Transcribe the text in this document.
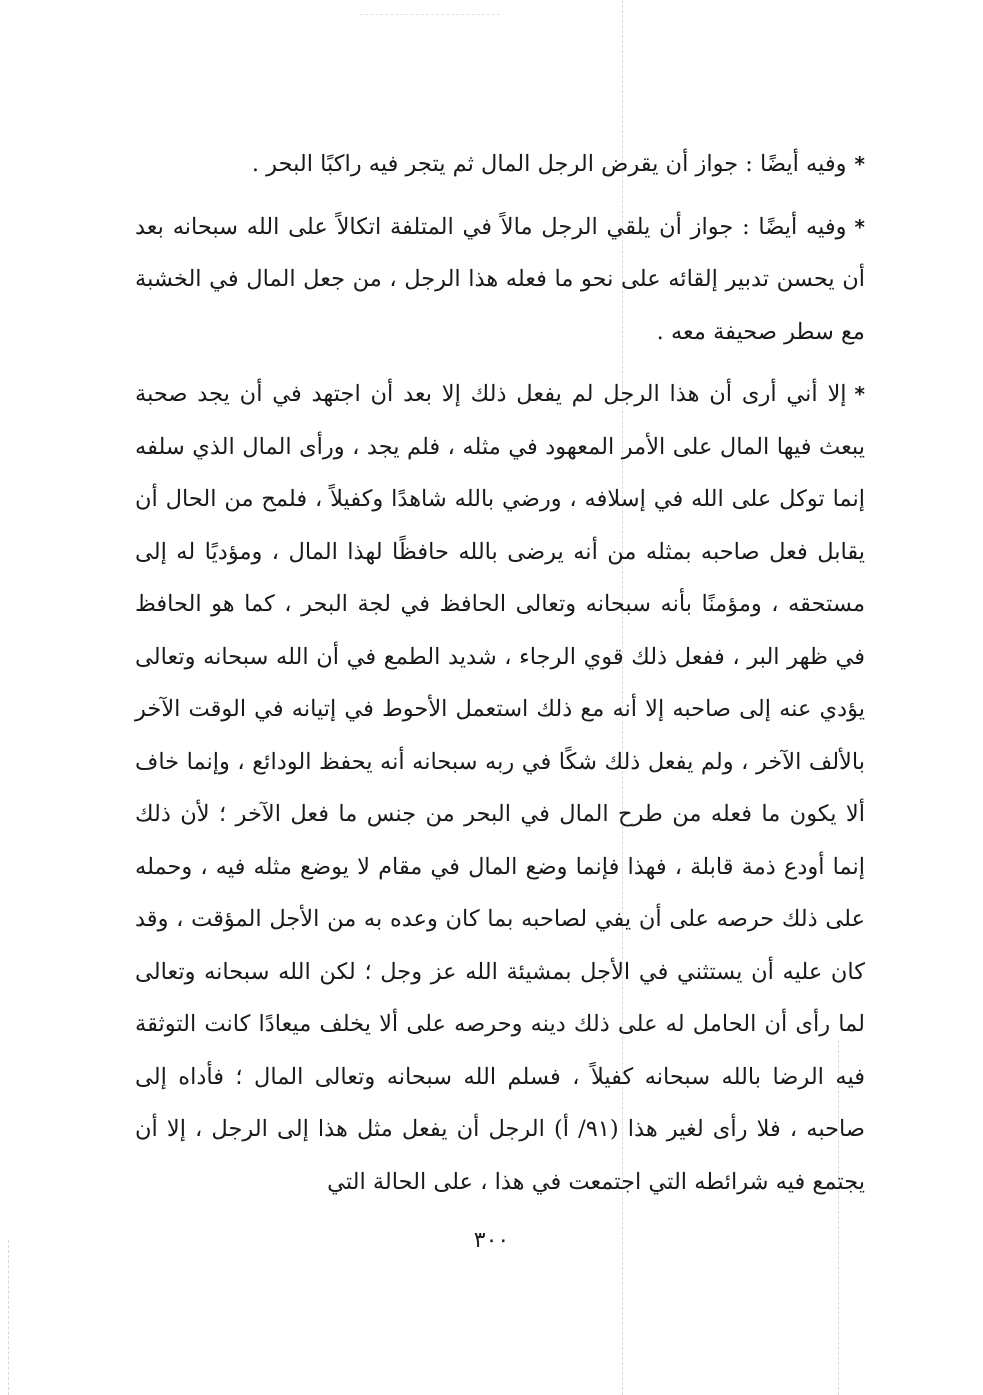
*وفيه أيضًا : جواز أن يقرض الرجل المال ثم يتجر فيه راكبًا البحر .

*وفيه أيضًا : جواز أن يلقي الرجل مالاً في المتلفة اتكالاً على الله سبحانه بعد أن يحسن تدبير إلقائه على نحو ما فعله هذا الرجل ، من جعل المال في الخشبة مع سطر صحيفة معه .

*إلا أني أرى أن هذا الرجل لم يفعل ذلك إلا بعد أن اجتهد في أن يجد صحبة يبعث فيها المال على الأمر المعهود في مثله ، فلم يجد ، ورأى المال الذي سلفه إنما توكل على الله في إسلافه ، ورضي بالله شاهدًا وكفيلاً ، فلمح من الحال أن يقابل فعل صاحبه بمثله من أنه يرضى بالله حافظًا لهذا المال ، ومؤديًا له إلى مستحقه ، ومؤمنًا بأنه سبحانه وتعالى الحافظ في لجة البحر ، كما هو الحافظ في ظهر البر ، ففعل ذلك قوي الرجاء ، شديد الطمع في أن الله سبحانه وتعالى يؤدي عنه إلى صاحبه إلا أنه مع ذلك استعمل الأحوط في إتيانه في الوقت الآخر بالألف الآخر ، ولم يفعل ذلك شكًا في ربه سبحانه أنه يحفظ الودائع ، وإنما خاف ألا يكون ما فعله من طرح المال في البحر من جنس ما فعل الآخر ؛ لأن ذلك إنما أودع ذمة قابلة ، فهذا فإنما وضع المال في مقام لا يوضع مثله فيه ، وحمله على ذلك حرصه على أن يفي لصاحبه بما كان وعده به من الأجل المؤقت ، وقد كان عليه أن يستثني في الأجل بمشيئة الله عز وجل ؛ لكن الله سبحانه وتعالى لما رأى أن الحامل له على ذلك دينه وحرصه على ألا يخلف ميعادًا كانت التوثقة فيه الرضا بالله سبحانه كفيلاً ، فسلم الله سبحانه وتعالى المال ؛ فأداه إلى صاحبه ، فلا رأى لغير هذا (٩١/ أ) الرجل أن يفعل مثل هذا إلى الرجل ، إلا أن يجتمع فيه شرائطه التي اجتمعت في هذا ، على الحالة التي

٣٠٠
